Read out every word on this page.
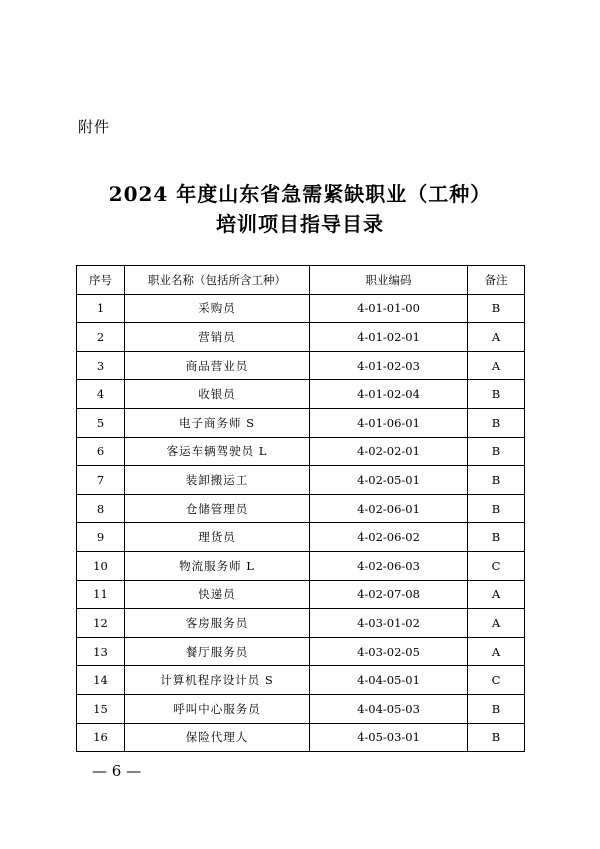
附件
2024 年度山东省急需紧缺职业（工种）
培训项目指导目录
序号	职业名称（包括所含工种）	职业编码	备注
1	采购员	4-01-01-00	B
2	营销员	4-01-02-01	A
3	商品营业员	4-01-02-03	A
4	收银员	4-01-02-04	B
5	电子商务师 S	4-01-06-01	B
6	客运车辆驾驶员 L	4-02-02-01	B
7	装卸搬运工	4-02-05-01	B
8	仓储管理员	4-02-06-01	B
9	理货员	4-02-06-02	B
10	物流服务师 L	4-02-06-03	C
11	快递员	4-02-07-08	A
12	客房服务员	4-03-01-02	A
13	餐厅服务员	4-03-02-05	A
14	计算机程序设计员 S	4-04-05-01	C
15	呼叫中心服务员	4-04-05-03	B
16	保险代理人	4-05-03-01	B
— 6 —
